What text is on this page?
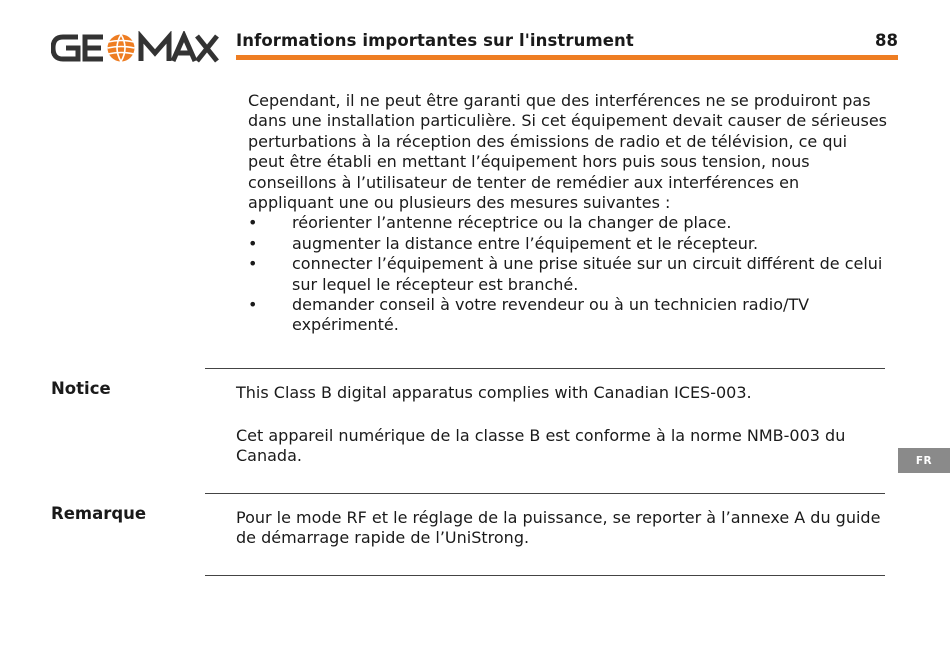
Informations importantes sur l'instrument	88

Cependant, il ne peut être garanti que des interférences ne se produiront pas dans une installation particulière. Si cet équipement devait causer de sérieuses perturbations à la réception des émissions de radio et de télévision, ce qui peut être établi en mettant l’équipement hors puis sous tension, nous conseillons à l’utilisateur de tenter de remédier aux interférences en appliquant une ou plusieurs des mesures suivantes :

• réorienter l’antenne réceptrice ou la changer de place.
• augmenter la distance entre l’équipement et le récepteur.
• connecter l’équipement à une prise située sur un circuit différent de celui sur lequel le récepteur est branché.
• demander conseil à votre revendeur ou à un technicien radio/TV expérimenté.
Notice	This Class B digital apparatus complies with Canadian ICES-003.
Cet appareil numérique de la classe B est conforme à la norme NMB-003 du Canada.
Remarque	Pour le mode RF et le réglage de la puissance, se reporter à l’annexe A du guide de démarrage rapide de l’UniStrong.
FR
